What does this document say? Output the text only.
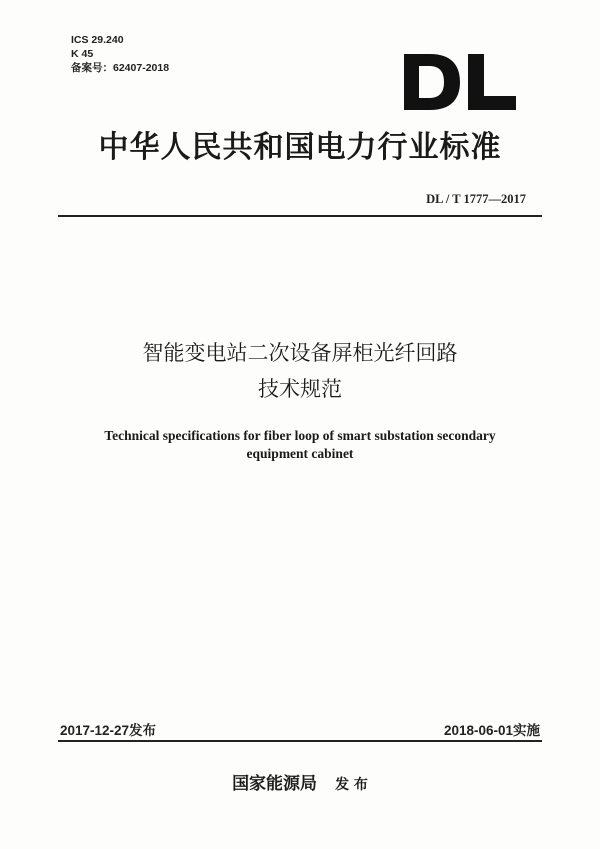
ICS 29.240
K 45
备案号：62407-2018
中华人民共和国电力行业标准
DL / T 1777—2017
智能变电站二次设备屏柜光纤回路
技术规范
Technical specifications for fiber loop of smart substation secondary
equipment cabinet
2017-12-27发布	2018-06-01实施
国家能源局 发 布
